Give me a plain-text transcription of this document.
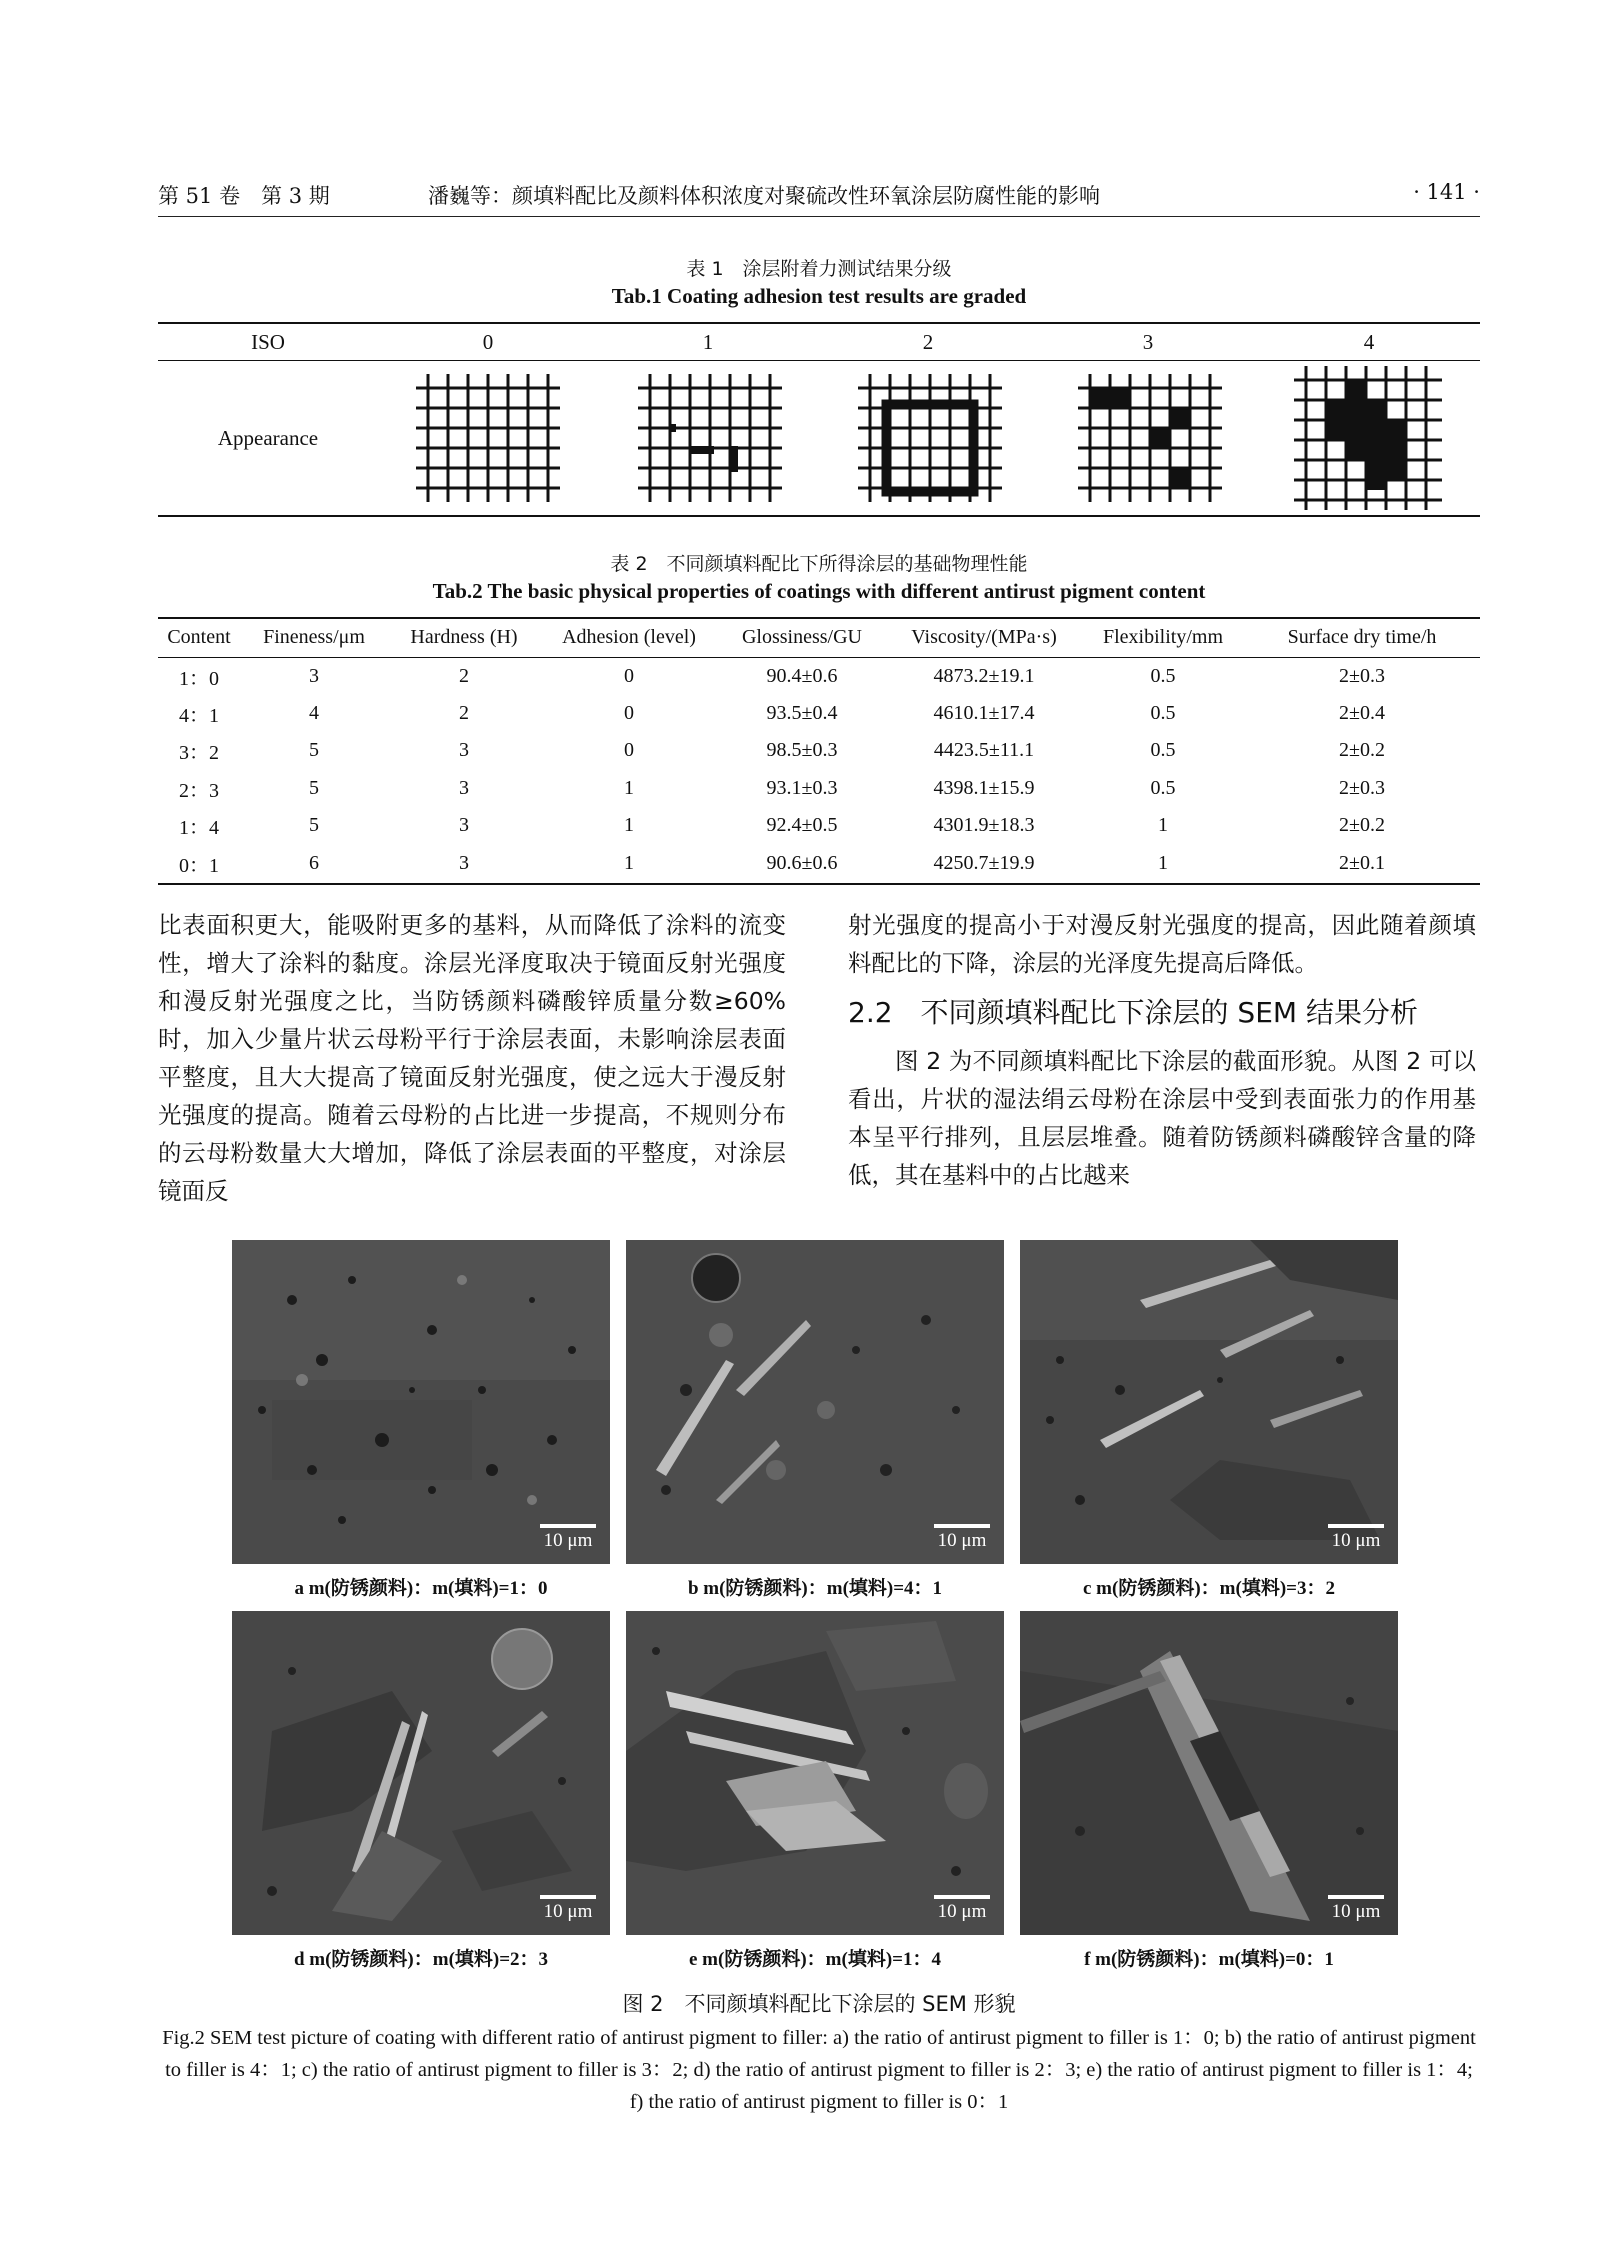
第 51 卷　第 3 期	潘巍等：颜填料配比及颜料体积浓度对聚硫改性环氧涂层防腐性能的影响	· 141 ·
表 1　涂层附着力测试结果分级
Tab.1 Coating adhesion test results are graded
ISO	0	1	2	3	4
Appearance
表 2　不同颜填料配比下所得涂层的基础物理性能
Tab.2 The basic physical properties of coatings with different antirust pigment content
Content	Fineness/μm	Hardness (H)	Adhesion (level)	Glossiness/GU	Viscosity/(MPa·s)	Flexibility/mm	Surface dry time/h
1：0	3	2	0	90.4±0.6	4873.2±19.1	0.5	2±0.3
4：1	4	2	0	93.5±0.4	4610.1±17.4	0.5	2±0.4
3：2	5	3	0	98.5±0.3	4423.5±11.1	0.5	2±0.2
2：3	5	3	1	93.1±0.3	4398.1±15.9	0.5	2±0.3
1：4	5	3	1	92.4±0.5	4301.9±18.3	1	2±0.2
0：1	6	3	1	90.6±0.6	4250.7±19.9	1	2±0.1

比表面积更大，能吸附更多的基料，从而降低了涂料的流变性，增大了涂料的黏度。涂层光泽度取决于镜面反射光强度和漫反射光强度之比，当防锈颜料磷酸锌质量分数≥60%时，加入少量片状云母粉平行于涂层表面，未影响涂层表面平整度，且大大提高了镜面反射光强度，使之远大于漫反射光强度的提高。随着云母粉的占比进一步提高，不规则分布的云母粉数量大大增加，降低了涂层表面的平整度，对涂层镜面反

射光强度的提高小于对漫反射光强度的提高，因此随着颜填料配比的下降，涂层的光泽度先提高后降低。

2.2　不同颜填料配比下涂层的 SEM 结果分析

图 2 为不同颜填料配比下涂层的截面形貌。从图 2 可以看出，片状的湿法绢云母粉在涂层中受到表面张力的作用基本呈平行排列，且层层堆叠。随着防锈颜料磷酸锌含量的降低，其在基料中的占比越来

10 μm	10 μm	10 μm
a m(防锈颜料)：m(填料)=1：0	b m(防锈颜料)：m(填料)=4：1	c m(防锈颜料)：m(填料)=3：2
10 μm	10 μm	10 μm
d m(防锈颜料)：m(填料)=2：3	e m(防锈颜料)：m(填料)=1：4	f m(防锈颜料)：m(填料)=0：1
图 2　不同颜填料配比下涂层的 SEM 形貌
Fig.2 SEM test picture of coating with different ratio of antirust pigment to filler: a) the ratio of antirust pigment to filler is 1：0; b) the ratio of antirust pigment to filler is 4：1; c) the ratio of antirust pigment to filler is 3：2; d) the ratio of antirust pigment to filler is 2：3; e) the ratio of antirust pigment to filler is 1：4; f) the ratio of antirust pigment to filler is 0：1
